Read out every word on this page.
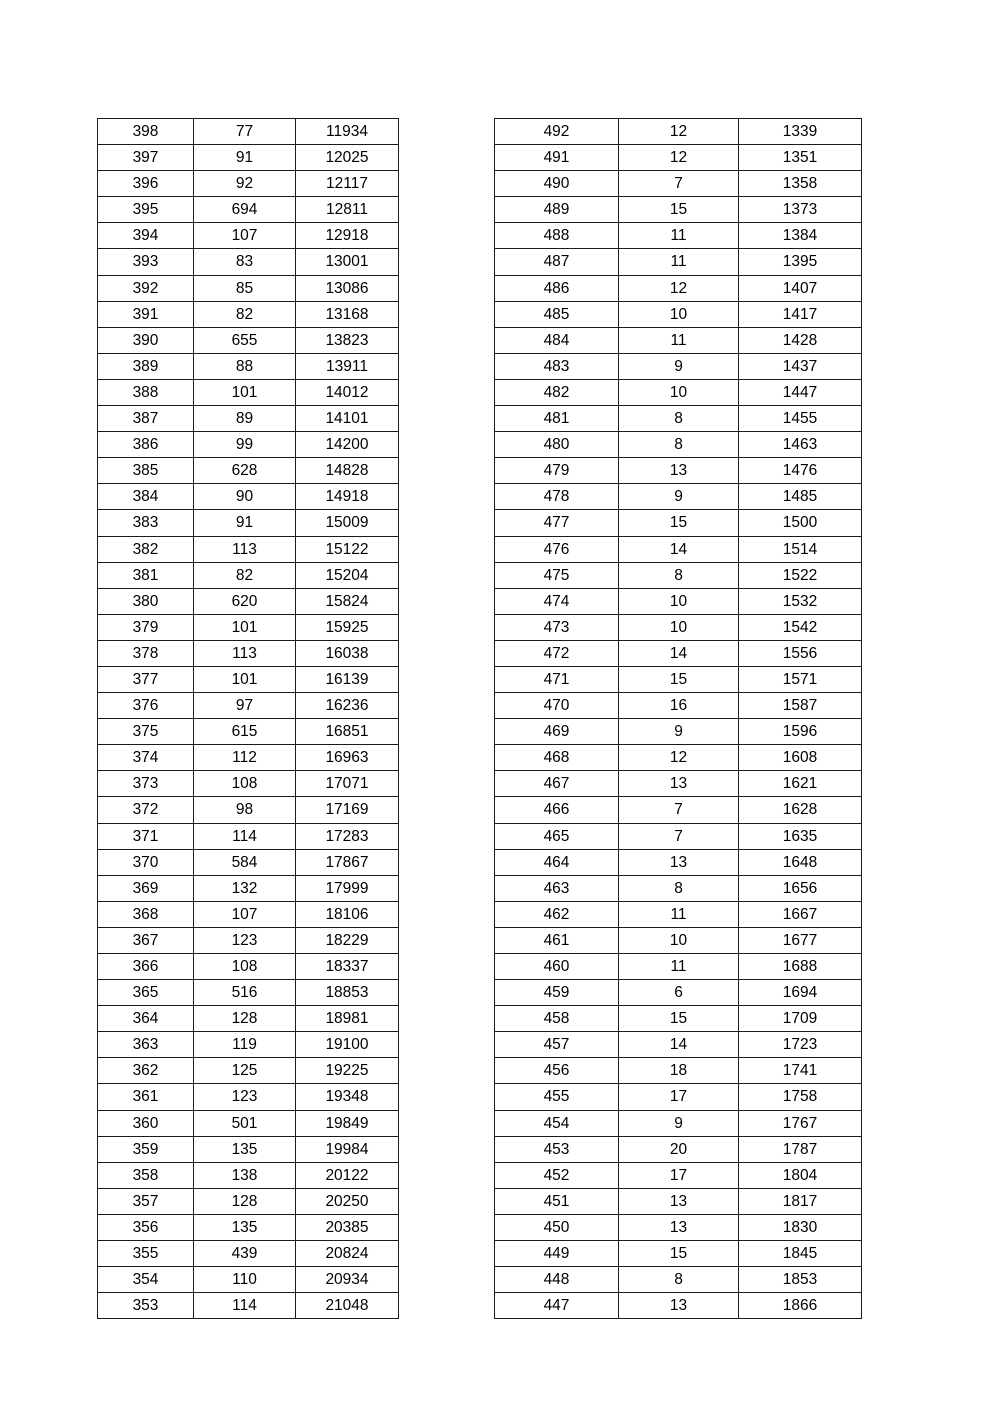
398	77	11934
397	91	12025
396	92	12117
395	694	12811
394	107	12918
393	83	13001
392	85	13086
391	82	13168
390	655	13823
389	88	13911
388	101	14012
387	89	14101
386	99	14200
385	628	14828
384	90	14918
383	91	15009
382	113	15122
381	82	15204
380	620	15824
379	101	15925
378	113	16038
377	101	16139
376	97	16236
375	615	16851
374	112	16963
373	108	17071
372	98	17169
371	114	17283
370	584	17867
369	132	17999
368	107	18106
367	123	18229
366	108	18337
365	516	18853
364	128	18981
363	119	19100
362	125	19225
361	123	19348
360	501	19849
359	135	19984
358	138	20122
357	128	20250
356	135	20385
355	439	20824
354	110	20934
353	114	21048
492	12	1339
491	12	1351
490	7	1358
489	15	1373
488	11	1384
487	11	1395
486	12	1407
485	10	1417
484	11	1428
483	9	1437
482	10	1447
481	8	1455
480	8	1463
479	13	1476
478	9	1485
477	15	1500
476	14	1514
475	8	1522
474	10	1532
473	10	1542
472	14	1556
471	15	1571
470	16	1587
469	9	1596
468	12	1608
467	13	1621
466	7	1628
465	7	1635
464	13	1648
463	8	1656
462	11	1667
461	10	1677
460	11	1688
459	6	1694
458	15	1709
457	14	1723
456	18	1741
455	17	1758
454	9	1767
453	20	1787
452	17	1804
451	13	1817
450	13	1830
449	15	1845
448	8	1853
447	13	1866
